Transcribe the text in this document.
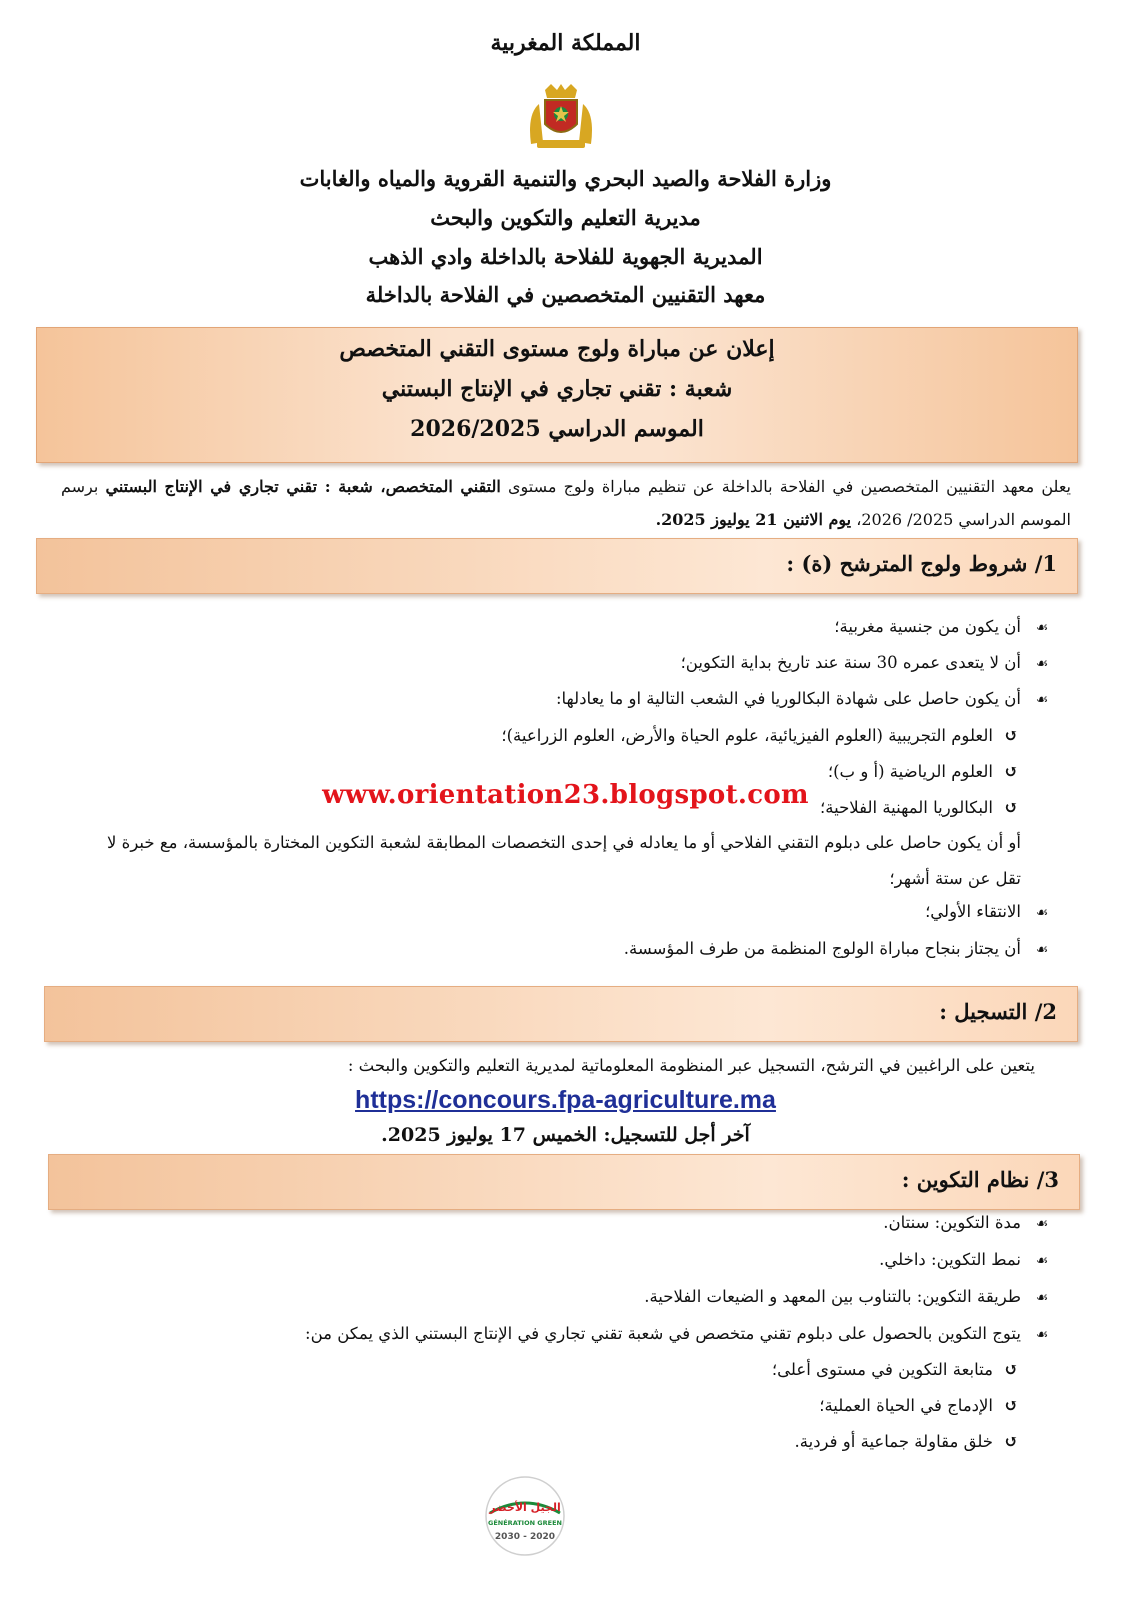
المملكة المغربية
وزارة الفلاحة والصيد البحري والتنمية القروية والمياه والغابات
مديرية التعليم والتكوين والبحث
المديرية الجهوية للفلاحة بالداخلة وادي الذهب
معهد التقنيين المتخصصين في الفلاحة بالداخلة
إعلان عن مباراة ولوج مستوى التقني المتخصص
شعبة : تقني تجاري في الإنتاج البستني
الموسم الدراسي 2026/2025
يعلن معهد التقنيين المتخصصين في الفلاحة بالداخلة عن تنظيم مباراة ولوج مستوى التقني المتخصص، شعبة : تقني تجاري في الإنتاج البستني برسم الموسم الدراسي 2025/ 2026، يوم الاثنين 21 يوليوز 2025.
1/ شروط ولوج المترشح (ة) :
☙أن يكون من جنسية مغربية؛
☙أن لا يتعدى عمره 30 سنة عند تاريخ بداية التكوين؛
☙أن يكون حاصل على شهادة البكالوريا في الشعب التالية او ما يعادلها:
↺العلوم التجريبية (العلوم الفيزيائية، علوم الحياة والأرض، العلوم الزراعية)؛
↺العلوم الرياضية (أ و ب)؛
↺البكالوريا المهنية الفلاحية؛
أو أن يكون حاصل على دبلوم التقني الفلاحي أو ما يعادله في إحدى التخصصات المطابقة لشعبة التكوين المختارة بالمؤسسة، مع خبرة لا تقل عن ستة أشهر؛
☙الانتقاء الأولي؛
☙أن يجتاز بنجاح مباراة الولوج المنظمة من طرف المؤسسة.
www.orientation23.blogspot.com
2/ التسجيل :
يتعين على الراغبين في الترشح، التسجيل عبر المنظومة المعلوماتية لمديرية التعليم والتكوين والبحث :
https://concours.fpa-agriculture.ma
آخر أجل للتسجيل: الخميس 17 يوليوز 2025.
3/ نظام التكوين :
☙مدة التكوين: سنتان.
☙نمط التكوين: داخلي.
☙طريقة التكوين: بالتناوب بين المعهد و الضيعات الفلاحية.
☙يتوج التكوين بالحصول على دبلوم تقني متخصص في شعبة تقني تجاري في الإنتاج البستني الذي يمكن من:
↺متابعة التكوين في مستوى أعلى؛
↺الإدماج في الحياة العملية؛
↺خلق مقاولة جماعية أو فردية.
الجيل الأخضر
GÉNÉRATION GREEN
2020 - 2030
